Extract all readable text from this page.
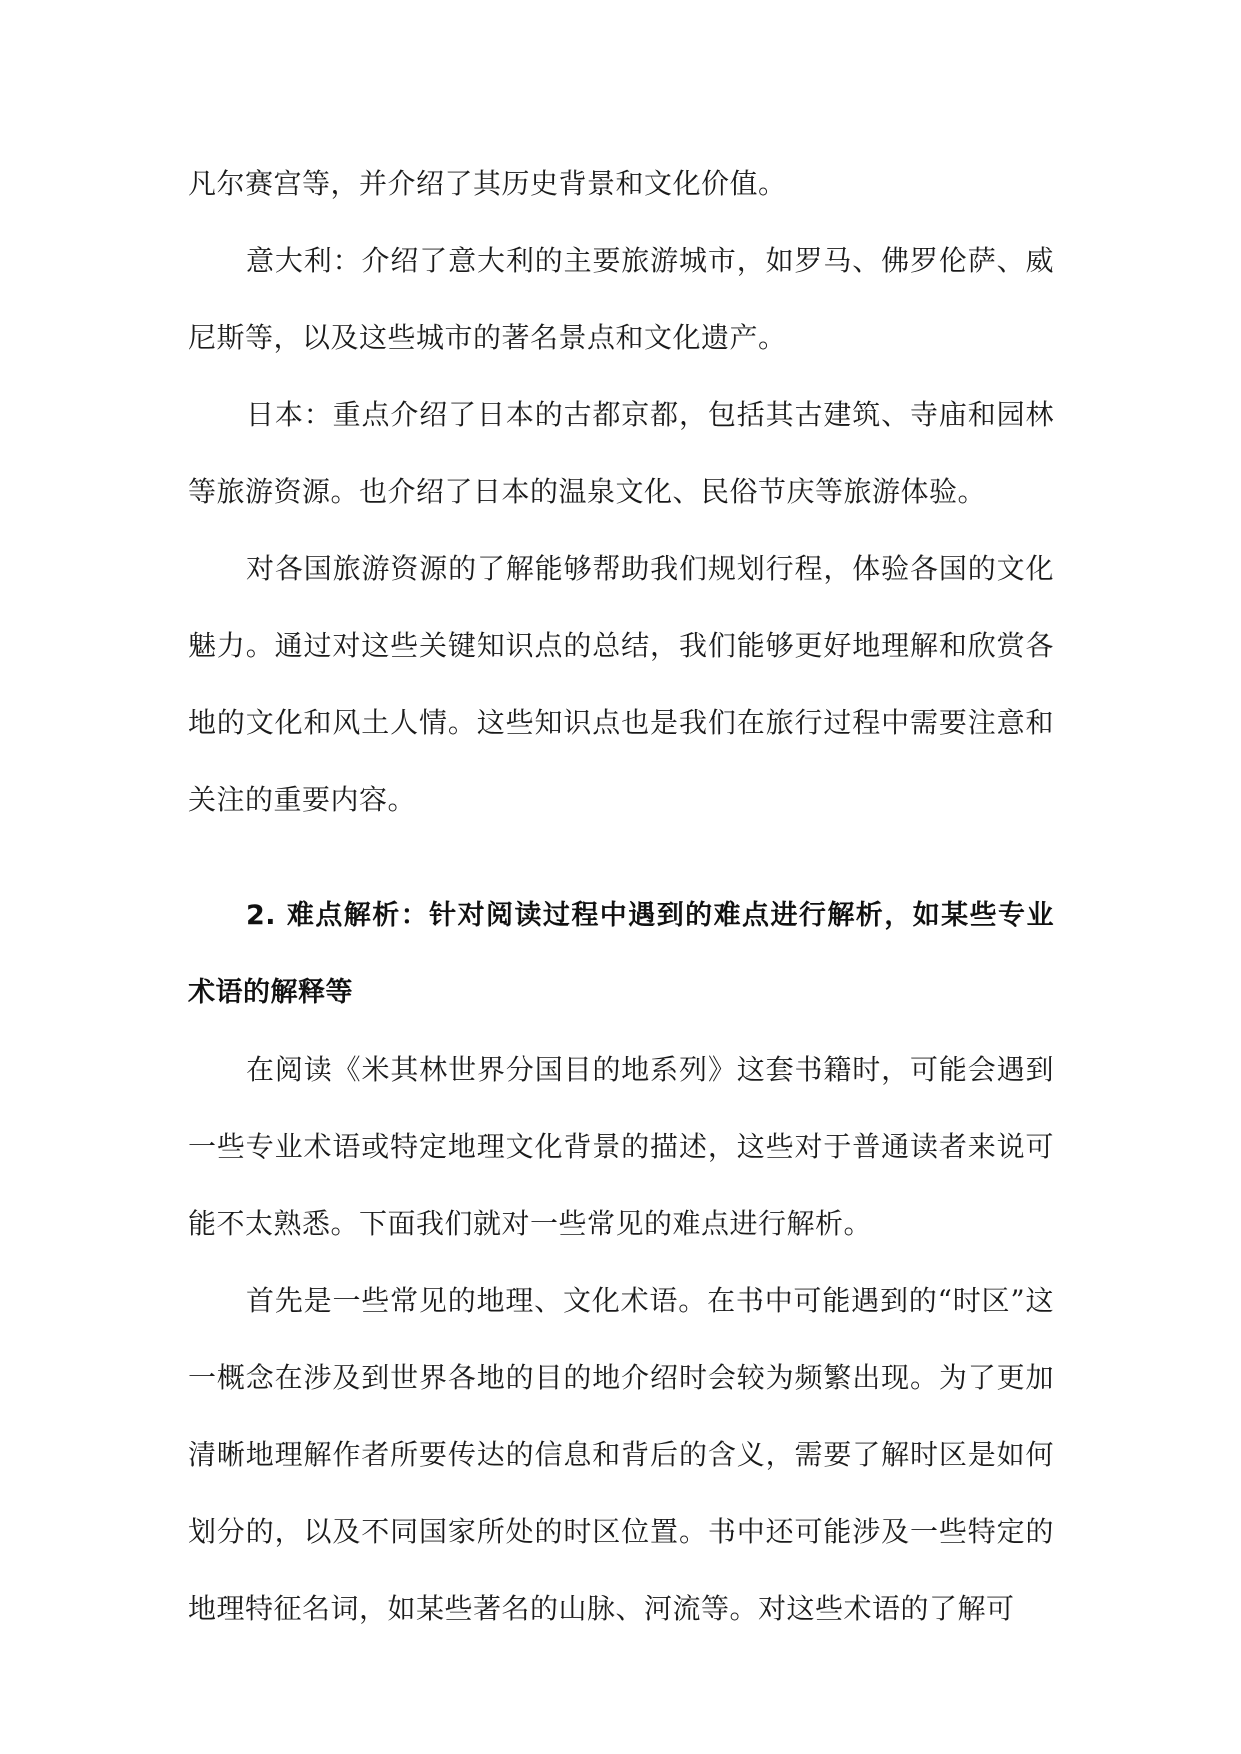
凡尔赛宫等，并介绍了其历史背景和文化价值。

意大利：介绍了意大利的主要旅游城市，如罗马、佛罗伦萨、威尼斯等，以及这些城市的著名景点和文化遗产。

日本：重点介绍了日本的古都京都，包括其古建筑、寺庙和园林等旅游资源。也介绍了日本的温泉文化、民俗节庆等旅游体验。

对各国旅游资源的了解能够帮助我们规划行程，体验各国的文化魅力。通过对这些关键知识点的总结，我们能够更好地理解和欣赏各地的文化和风土人情。这些知识点也是我们在旅行过程中需要注意和关注的重要内容。

2. 难点解析：针对阅读过程中遇到的难点进行解析，如某些专业术语的解释等

在阅读《米其林世界分国目的地系列》这套书籍时，可能会遇到一些专业术语或特定地理文化背景的描述，这些对于普通读者来说可能不太熟悉。下面我们就对一些常见的难点进行解析。

首先是一些常见的地理、文化术语。在书中可能遇到的“时区”这一概念在涉及到世界各地的目的地介绍时会较为频繁出现。为了更加清晰地理解作者所要传达的信息和背后的含义，需要了解时区是如何划分的，以及不同国家所处的时区位置。书中还可能涉及一些特定的地理特征名词，如某些著名的山脉、河流等。对这些术语的了解可
